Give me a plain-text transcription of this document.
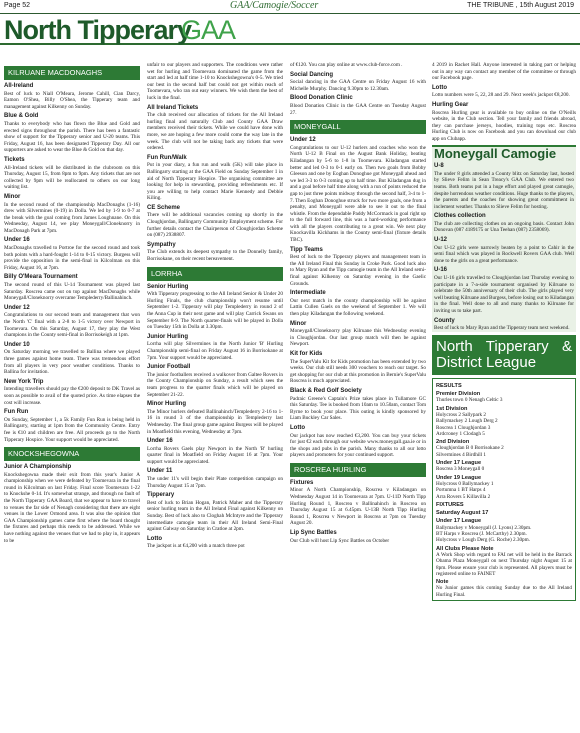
Page 52	GAA/Camogie/Soccer	THE TRIBUNE , 15th August 2019
North Tipperary
GAA
KILRUANE MACDONAGHS
All-Ireland

Best of luck to Niall O'Meara, Jerome Cahill, Cian Darcy, Eamon O'Shea, Billy O'Shea, the Tipperary team and management against Kilkenny on Sunday.

Blue & Gold

Thanks to everybody who has flown the Blue and Gold and erected signs throughout the parish. There has been a fantastic show of support for the Tipperary senior and U-20 teams. This Friday, August 16, has been designated Tipperary Day. All our supporters are asked to wear the Blue & Gold on that day.

Tickets

All-Ireland tickets will be distributed in the clubroom on this Thursday, August 15, from 8pm to 9pm. Any tickets that are not collected by 9pm will be reallocated to others on our long waiting list.

Minor

In the second round of the championship MacDonaghs (1-16) drew with Silvermines (0-19) in Dolla. We led by 1-9 to 0-7 at the break with the goal coming from James Loughnane. On this Wednesday, August 14, we play Moneygall/Cloneknorry in MacDonagh Park at 7pm.

Under 16

MacDonaghs travelled to Portroe for the second round and took both points with a hard-fought 1-14 to 0-15 victory. Burgess will provide the opposition in the semi-final in Kilcolman on this Friday, August 16, at 7pm.

Billy O'Meara Tournament

The second round of this U-14 Tournament was played last Saturday. Roscrea came out on top against MacDonaghs while Moneygall/Cloneknorry overcame Templederry/Ballinahinch.

Under 12

Congratulations to our second team and management that won the North 'C' final with a 2-8 to 1-5 victory over Newport in Toomevara. On this Saturday, August 17, they play the West champions in the County semi-final in Borrisokeigh at 1pm.

Under 10

On Saturday morning we travelled to Ballina where we played three games against home team. There was tremendous effort from all players in very poor weather conditions. Thanks to Ballina for invitation.

New York Trip

Intending travellers should pay the €200 deposit to DK Travel as soon as possible to avail of the quoted price. As time elapses the cost will increase.

Fun Run

On Sunday, September 1, a 5k Family Fun Run is being held in Ballingarry, starting at 1pm from the Community Centre. Entry fee is €10 and children are free. All proceeds go to the North Tipperary Hospice. Your support would be appreciated.

KNOCKSHEGOWNA
Junior A Championship

Knockshegowna made their exit from this year's Junior A championship when we were defeated by Toomevara in the final round in Kilcolman on last Friday. Final score Toomevara 1-22 to Knockshe 0-14. It's somewhat strange, and through no fault of the North Tipperary GAA Board, that we appear to have to travel to venues the far side of Nenagh considering that there are eight venues in the Lower Ormond area. It was also the opinion that GAA Championship games came first where the board thought the fixtures and perhaps this needs to be addressed. While we have nothing against the venues that we had to play in, it appears to be

unfair to our players and supporters. The conditions were rather wet for hurling and Toomevara dominated the game from the start and led at half time 1-10 to Knockshegowna's 0-5. We tried our best in the second half but could not get within reach of Toomevara, who ran out easy winners. We wish them the best of luck in the final.

All Ireland Tickets

The club received our allocation of tickets for the All Ireland hurling final and naturally Club and County GAA Draw members received their tickets. While we could have done with more, we are hoping a few more could come the way late in the week. The club will not be taking back any tickets that were ordered.

Fun Run/Walk

Put in your diary, a fun run and walk (5K) will take place in Ballingarry starting at the GAA Field on Sunday September 1 in aid of North Tipperary Hospice. The organising committee are looking for help in stewarding, providing refreshments etc. If you are willing to help contact Marie Kennedy and Debbie Kiling.

CE Scheme

There will be additional vacancies coming up shortly in the Cloughjordan, Ballingarry Community Employment scheme. For further details contact the Chairperson of Cloughjordan Scheme on (087) 2938807.

Sympathy

The Club extends its deepest sympathy to the Donnelly family, Borrisokane, on their recent bereavement.

LORRHA
Senior Hurling

With Tipperary progressing to the All Ireland Senior & Under 20 Hurling Finals, the club championship won't resume until September 1-2. Tipperary will play Templederry in round 2 of the Anna Cup in their next game and will play Carrick Swans on September 8-9. The North quarter-finals will be played in Dolla on Tuesday 15th in Dolla at 3.30pm.

Junior Hurling

Lorrha will play Silvermines in the North Junior 'B' Hurling Championship semi-final on Friday August 16 in Borrisokane at 7pm. Your support would be appreciated.

Junior Football

The junior footballers received a walkover from Galtee Rovers in the County Championship on Sunday, a result which sees the team progress to the quarter finals which will be played on September 21-22.

Minor Hurling

The Minor hurlers defeated Ballinahinch/Templederry 2-16 to 1-16 in round 3 of the championship in Templederry last Wednesday. The final group game against Burgess will be played in Moatfield this evening, Wednesday at 7pm.

Under 16

Lorrha Rovers Gaels play Newport in the North 'B' hurling quarter final in Moatfield on Friday August 16 at 7pm. Your support would be appreciated.

Under 11

The under 11's will begin their Plate competition campaign on Thursday August 15 at 7pm.

Tipperary

Best of luck to Brian Hogan, Patrick Maher and the Tipperary senior hurling team in the All Ireland Final against Kilkenny on Sunday. Best of luck also to Cloghah McIntyre and the Tipperary intermediate camogie team in their All Ireland Semi-Final against Galway on Saturday in Cratloe at 2pm.

Lotto

The jackpot is at €4,200 with a match three pot

of €120. You can play online at www.club-force.com .

Social Dancing

Social dancing in the GAA Centre on Friday August 16 with Michelle Murphy. Dancing 9.30pm to 12.30am.

Blood Donation Clinic

Blood Donation Clinic in the GAA Centre on Tuesday August 27.

MONEYGALL
Under 12

Congratulations to our U-12 hurlers and coaches who won the North U-12 B Final on the August Bank Holiday, beating Kiladangan by 5-6 to 1-8 in Toomevara. Kiladangan started better and led 0-3 to 0-1 early on. Then two goals from Bobby Gleeson and one by Eoghan Donoghue got Moneygall ahead and we led 3-3 to 0-3 coming up to half time. But Kiladangan dug in and a goal before half time along with a run of points reduced the gap to just three points midway through the second half, 3-4 to 1-7. Then Eoghan Donoghue struck for two more goals, one from a penalty, and Moneygall were able to see it out to the final whistle. From the dependable Paddy McCormack in goal right up to the full forward line, this was a hard-working performance with all the players contributing to a great win. We next play Knockavilla Kickhams in the County semi-final (fixture details TBC).

Tipp Teams

Best of luck to the Tipperary players and management team in the All Ireland Final this Sunday in Croke Park. Good luck also to Mary Ryan and the Tipp camogie team in the All Ireland semi-final against Kilkenny on Saturday evening in the Gaelic Grounds.

Intermediate

Our next match in the county championship will be against Lattin Cullen Gaels on the weekend of September 1. We will then play Kiladangan the following weekend.

Minor

Moneygall/Cloneknorry play Kilruane this Wednesday evening in Cloughjordan. Our last group match will then be against Newport.

Kit for Kids

The SuperValu Kit for Kids promotion has been extended by two weeks. Our club still needs 300 vouchers to reach our target. So get shopping for our club at this promotion in Bernie's SuperValu Roscrea is much appreciated.

Black & Red Golf Society

Padraic Greene's Captain's Prize takes place in Tullamore GC this Saturday. Tee is booked from 10am to 10.50am, contact Tom Byrne to book your place. This outing is kindly sponsored by Liam Buckley Car Sales.

Lotto

Our jackpot has now reached €3,200. You can buy your tickets for just €2 each through our website www.moneygall.gaa.ie or in the shops and pubs in the parish. Many thanks to all our lotto players and promoters for your continued support.

ROSCREA HURLING
Fixtures

Minor A North Championship, Roscrea v Kiladangan on Wednesday August 14 in Toomevara at 7pm. U-11D North Tipp Hurling Round 1, Roscrea v Ballinahinch in Roscrea on Thursday August 15 at 6.45pm. U-13B North Tipp Hurling Round 1, Roscrea v Newport in Roscrea at 7pm on Tuesday August 20.

Lip Sync Battles

Our Club will host Lip Sync Battles on October

4 2019 in Racket Hall. Anyone interested in taking part or helping out in any way can contact any member of the committee or through our Facebook page.

Lotto

Lotto numbers were 5, 22, 28 and 29. Next week's jackpot €8,200.

Hurling Gear

Roscrea Hurling gear is available to buy online on the O'Neills website, in the Club section. Tell your family and friends abroad, they can purchase jerseys, hoodies, training tops etc. Roscrea Hurling Club is now on Facebook and you can download our club app on Clubapp.

Moneygall Camogie
U-8

The under 8 girls attended a County blitz on Saturday last, hosted by Slieve Felim in Sean Treacy's GAA Club. We entered two teams. Both teams put in a huge effort and played great camogie, despite horrendous weather conditions. Huge thanks to the players, the parents and the coaches for showing great commitment in inclement weather. Thanks to Slieve Felim for hosting.

Clothes collection

The club are collecting clothes on an ongoing basis. Contact John Donovan (087 4189175 or Una Teehan (087) 2358069).

U-12

Our U-12 girls were narrowly beaten by a point to Cahir in the semi final which was played in Rockwell Rovers GAA club. Well done to the girls on a great performance.

U-16

Our U-16 girls travelled to Cloughjordan last Thursday evening to participate in a 7-a-side tournament organised by Kilruane to celebrate the 50th anniversary of their club. The girls played very well beating Kilruane and Burgess, before losing out to Kiladangan in the final. Well done to all and many thanks to Kilruane for inviting us to take part.

County

Best of luck to Mary Ryan and the Tipperary team next weekend.

North Tipperary & District League
RESULTS
Premier Division
Thurles town 0 Nenagh Celtic 3
1st Division
Holycross 2 Sallypark 2
Ballymackey 2 Lough Derg 2
Roscrea 1 Cloughjordan 3
Ardcroney 1 Clodagh 5
2nd Division
Cloughjordan B 0 Borrisokane 2
Silvermines 4 Birdhill 1
Under 17 League
Roscrea 3 Moneygall 0
Under 19 League
Holycross 0 Ballymackey 1
Portumna 1 BT Harps 4
Arra Rovers 5 Killavilla 2
FIXTURES
Saturday August 17
Under 17 League
Ballymackey v Moneygall (J. Lyons) 2.30pm.
BT Harps v Roscrea (J. McCarthy) 2.30pm.
Holycross v Lough Derg (G. Roche) 2.30pm.
All Clubs Please Note
A Work Shop with regard to FAI net will be held in the Barrack Obama Plaza Moneygall on next Thursday night August 15 at 8pm. Please ensure your club is represented. All players must be registered online to FAINET
Note
No Junior games this coming Sunday due to the All Ireland Hurling Final.
